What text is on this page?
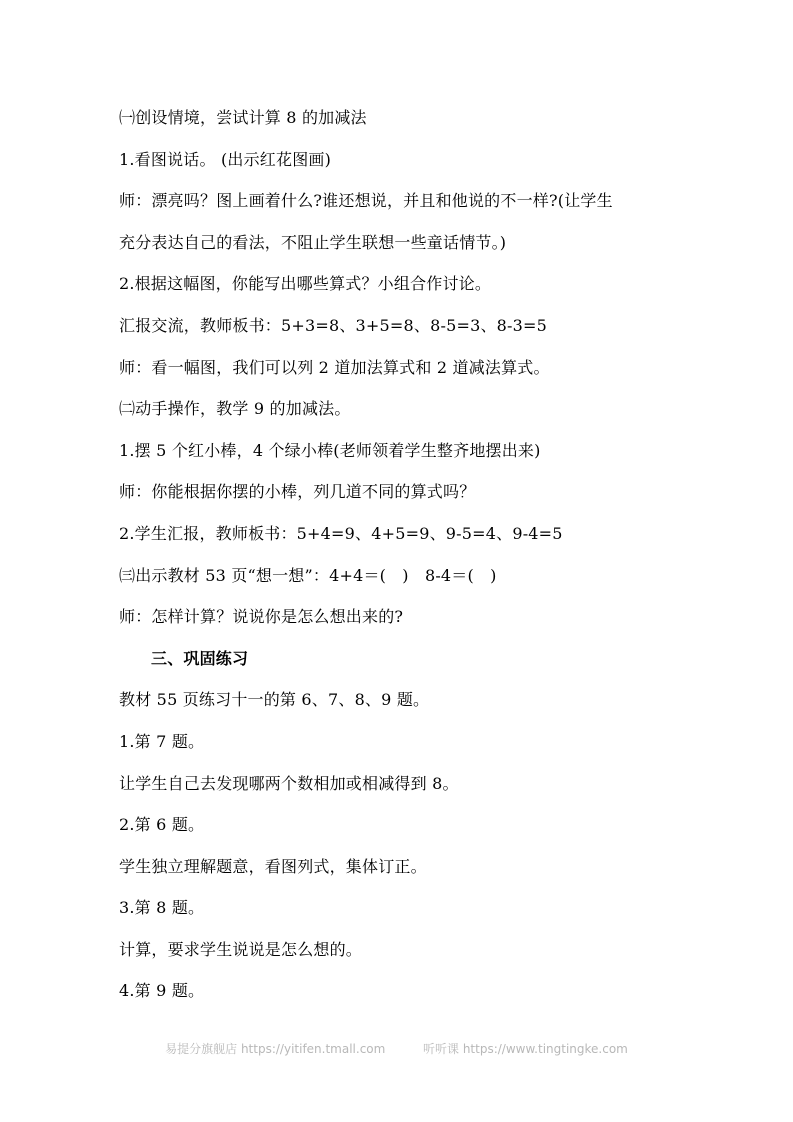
㈠创设情境，尝试计算 8 的加减法
1.看图说话。 (出示红花图画)
师：漂亮吗？图上画着什么?谁还想说，并且和他说的不一样?(让学生
充分表达自己的看法，不阻止学生联想一些童话情节。)
2.根据这幅图，你能写出哪些算式？小组合作讨论。
汇报交流，教师板书：5+3=8、3+5=8、8-5=3、8-3=5
师：看一幅图，我们可以列 2 道加法算式和 2 道减法算式。
㈡动手操作，教学 9 的加减法。
1.摆 5 个红小棒，4 个绿小棒(老师领着学生整齐地摆出来)
师：你能根据你摆的小棒，列几道不同的算式吗？
2.学生汇报，教师板书：5+4=9、4+5=9、9-5=4、9-4=5
㈢出示教材 53 页“想一想”：4+4＝(　)　8-4＝(　)
师：怎样计算？说说你是怎么想出来的?
三、巩固练习
教材 55 页练习十一的第 6、7、8、9 题。
1.第 7 题。
让学生自己去发现哪两个数相加或相减得到 8。
2.第 6 题。
学生独立理解题意，看图列式，集体订正。
3.第 8 题。
计算，要求学生说说是怎么想的。
4.第 9 题。
易提分旗舰店 https://yitifen.tmall.com	听听课 https://www.tingtingke.com
